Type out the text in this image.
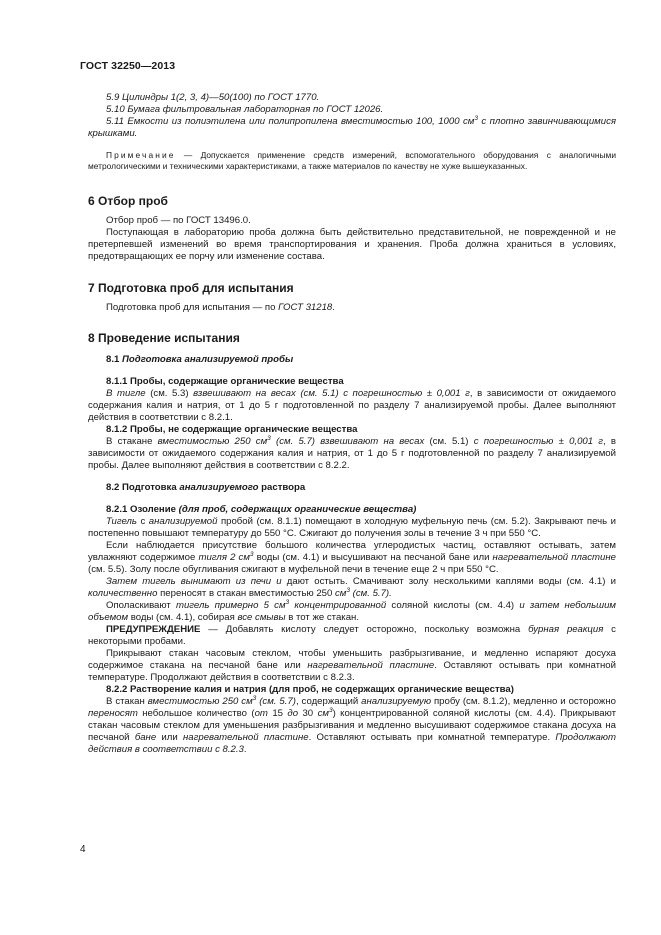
ГОСТ 32250—2013

5.9 Цилиндры 1(2, 3, 4)—50(100) по ГОСТ 1770.

5.10 Бумага фильтровальная лабораторная по ГОСТ 12026.

5.11 Емкости из полиэтилена или полипропилена вместимостью 100, 1000 $см^3$ с плотно завинчивающимися крышками.

Примечание — Допускается применение средств измерений, вспомогательного оборудования с аналогичными метрологическими и техническими характеристиками, а также материалов по качеству не хуже вышеуказанных.

6 Отбор проб

Отбор проб — по ГОСТ 13496.0.

Поступающая в лабораторию проба должна быть действительно представительной, не поврежденной и не претерпевшей изменений во время транспортирования и хранения. Проба должна храниться в условиях, предотвращающих ее порчу или изменение состава.

7 Подготовка проб для испытания

Подготовка проб для испытания — по ГОСТ 31218.

8 Проведение испытания

8.1 Подготовка анализируемой пробы

8.1.1 Пробы, содержащие органические вещества

В тигле (см. 5.3) взвешивают на весах (см. 5.1) с погрешностью ± 0,001 г, в зависимости от ожидаемого содержания калия и натрия, от 1 до 5 г подготовленной по разделу 7 анализируемой пробы. Далее выполняют действия в соответствии с 8.2.1.

8.1.2 Пробы, не содержащие органические вещества

В стакане вместимостью 250 $см^3$ (см. 5.7) взвешивают на весах (см. 5.1) с погрешностью ± 0,001 г, в зависимости от ожидаемого содержания калия и натрия, от 1 до 5 г подготовленной по разделу 7 анализируемой пробы. Далее выполняют действия в соответствии с 8.2.2.

8.2 Подготовка анализируемого раствора

8.2.1 Озоление (для проб, содержащих органические вещества)

Тигель с анализируемой пробой (см. 8.1.1) помещают в холодную муфельную печь (см. 5.2). Закрывают печь и постепенно повышают температуру до 550 °С. Сжигают до получения золы в течение 3 ч при 550 °С.

Если наблюдается присутствие большого количества углеродистых частиц, оставляют остывать, затем увлажняют содержимое тигля 2 $см^3$ воды (см. 4.1) и высушивают на песчаной бане или нагревательной пластине (см. 5.5). Золу после обугливания сжигают в муфельной печи в течение еще 2 ч при 550 °С.

Затем тигель вынимают из печи и дают остыть. Смачивают золу несколькими каплями воды (см. 4.1) и количественно переносят в стакан вместимостью 250 $см^3$ (см. 5.7).

Ополаскивают тигель примерно 5 $см^3$ концентрированной соляной кислоты (см. 4.4) и затем небольшим объемом воды (см. 4.1), собирая все смывы в тот же стакан.

ПРЕДУПРЕЖДЕНИЕ — Добавлять кислоту следует осторожно, поскольку возможна бурная реакция с некоторыми пробами.

Прикрывают стакан часовым стеклом, чтобы уменьшить разбрызгивание, и медленно испаряют досуха содержимое стакана на песчаной бане или нагревательной пластине. Оставляют остывать при комнатной температуре. Продолжают действия в соответствии с 8.2.3.

8.2.2 Растворение калия и натрия (для проб, не содержащих органические вещества)

В стакан вместимостью 250 $см^3$ (см. 5.7), содержащий анализируемую пробу (см. 8.1.2), медленно и осторожно переносят небольшое количество (от 15 до 30 $см^3$) концентрированной соляной кислоты (см. 4.4). Прикрывают стакан часовым стеклом для уменьшения разбрызгивания и медленно высушивают содержимое стакана досуха на песчаной бане или нагревательной пластине. Оставляют остывать при комнатной температуре. Продолжают действия в соответствии с 8.2.3.

4
